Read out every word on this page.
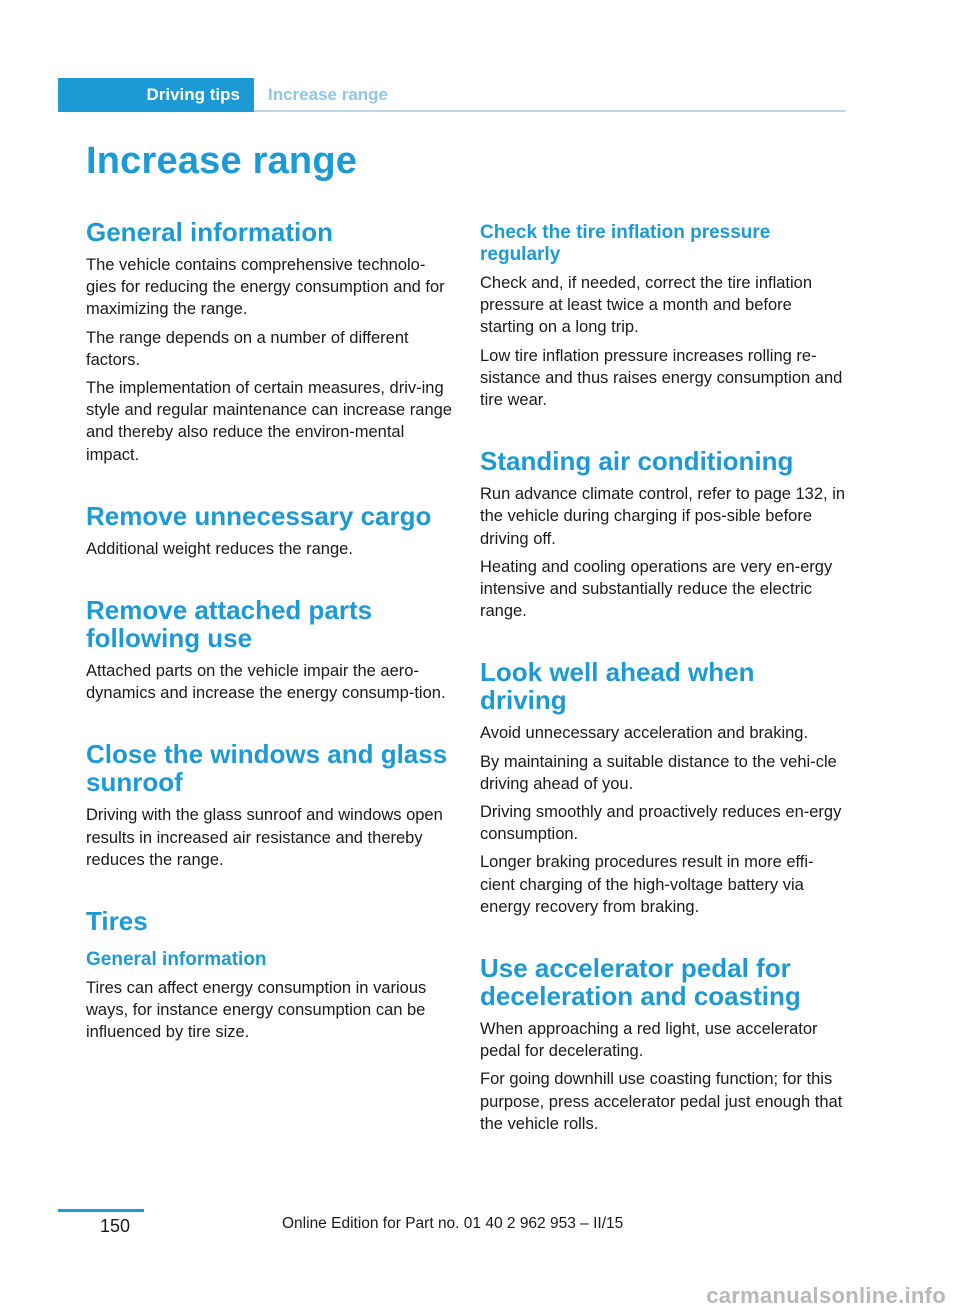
Driving tips	Increase range
Increase range
General information

The vehicle contains comprehensive technolo-gies for reducing the energy consumption and for maximizing the range.

The range depends on a number of different factors.

The implementation of certain measures, driv-ing style and regular maintenance can increase range and thereby also reduce the environ-mental impact.

Remove unnecessary cargo

Additional weight reduces the range.

Remove attached parts following use

Attached parts on the vehicle impair the aero-dynamics and increase the energy consump-tion.

Close the windows and glass sunroof

Driving with the glass sunroof and windows open results in increased air resistance and thereby reduces the range.

Tires
General information

Tires can affect energy consumption in various ways, for instance energy consumption can be influenced by tire size.

Check the tire inflation pressure regularly

Check and, if needed, correct the tire inflation pressure at least twice a month and before starting on a long trip.

Low tire inflation pressure increases rolling re-sistance and thus raises energy consumption and tire wear.

Standing air conditioning

Run advance climate control, refer to page 132, in the vehicle during charging if pos-sible before driving off.

Heating and cooling operations are very en-ergy intensive and substantially reduce the electric range.

Look well ahead when driving

Avoid unnecessary acceleration and braking.

By maintaining a suitable distance to the vehi-cle driving ahead of you.

Driving smoothly and proactively reduces en-ergy consumption.

Longer braking procedures result in more effi-cient charging of the high-voltage battery via energy recovery from braking.

Use accelerator pedal for deceleration and coasting

When approaching a red light, use accelerator pedal for decelerating.

For going downhill use coasting function; for this purpose, press accelerator pedal just enough that the vehicle rolls.

150	Online Edition for Part no. 01 40 2 962 953 – II/15
carmanualsonline.info
